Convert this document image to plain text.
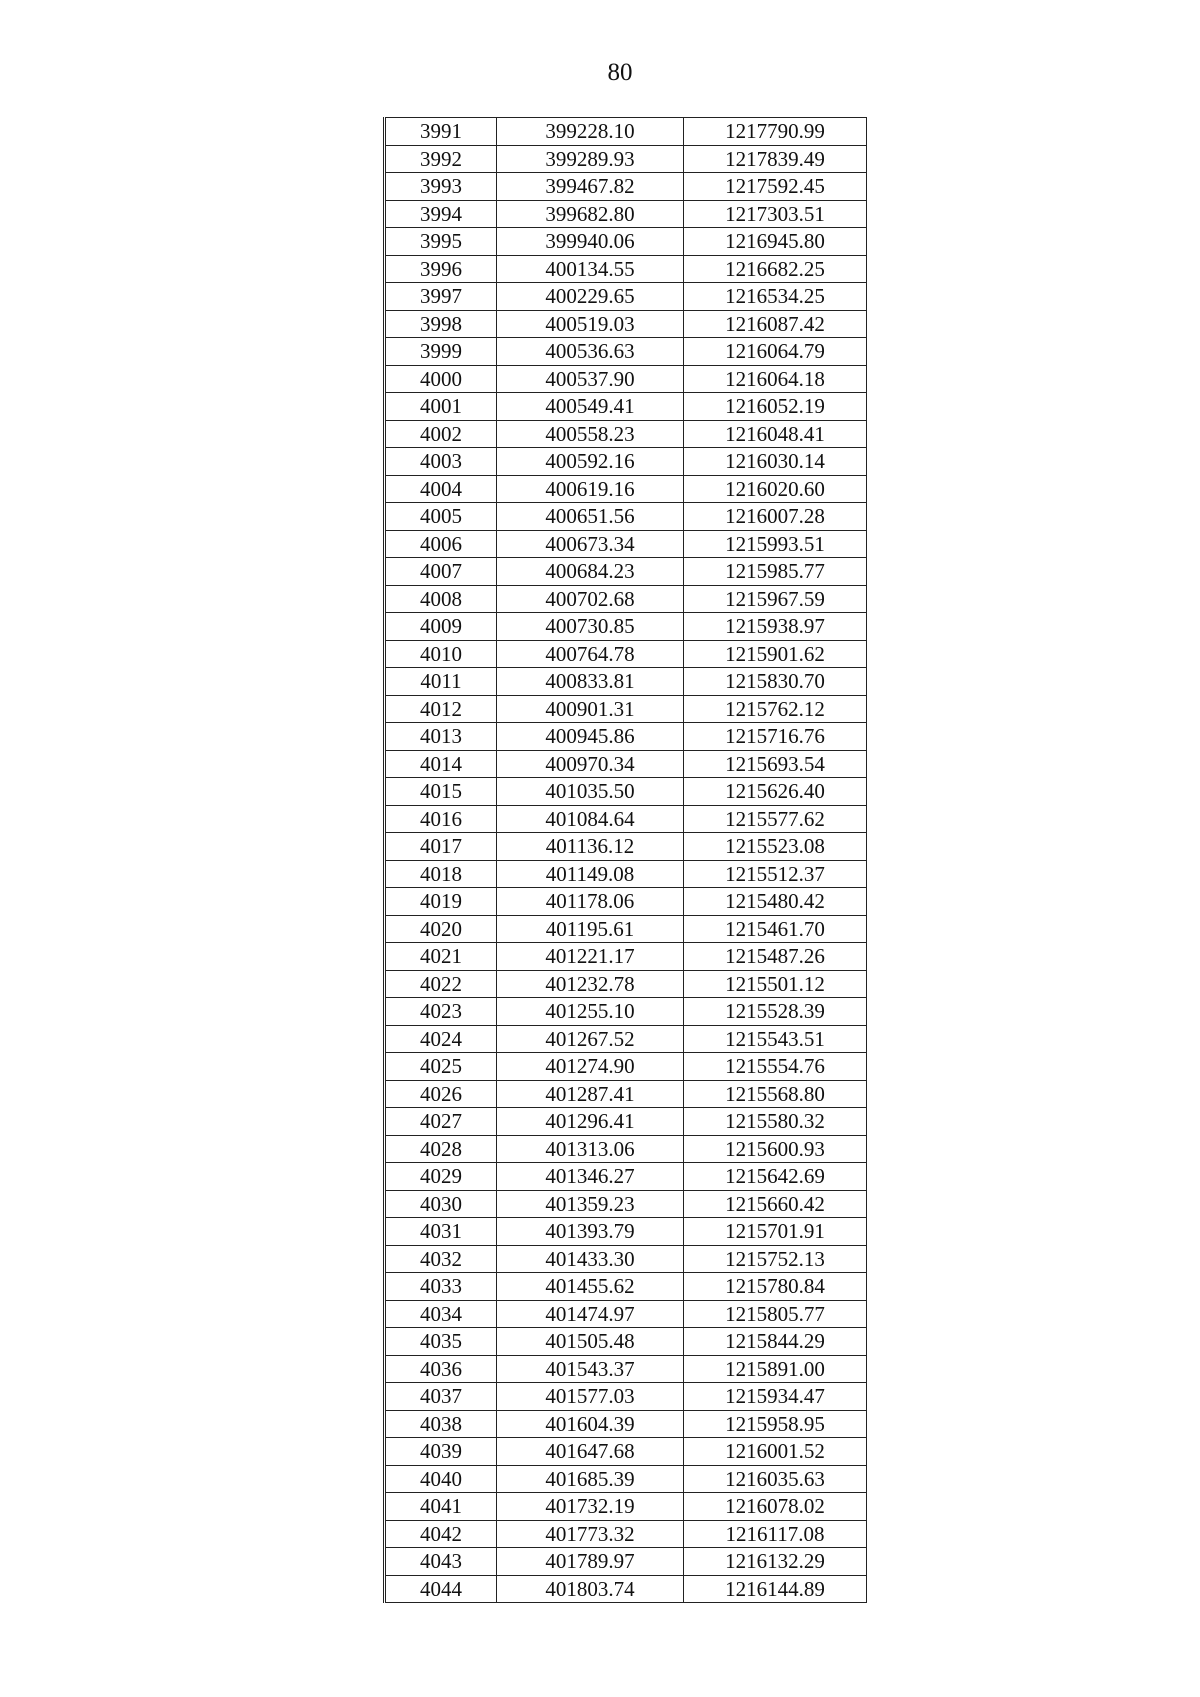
80
3991	399228.10	1217790.99
3992	399289.93	1217839.49
3993	399467.82	1217592.45
3994	399682.80	1217303.51
3995	399940.06	1216945.80
3996	400134.55	1216682.25
3997	400229.65	1216534.25
3998	400519.03	1216087.42
3999	400536.63	1216064.79
4000	400537.90	1216064.18
4001	400549.41	1216052.19
4002	400558.23	1216048.41
4003	400592.16	1216030.14
4004	400619.16	1216020.60
4005	400651.56	1216007.28
4006	400673.34	1215993.51
4007	400684.23	1215985.77
4008	400702.68	1215967.59
4009	400730.85	1215938.97
4010	400764.78	1215901.62
4011	400833.81	1215830.70
4012	400901.31	1215762.12
4013	400945.86	1215716.76
4014	400970.34	1215693.54
4015	401035.50	1215626.40
4016	401084.64	1215577.62
4017	401136.12	1215523.08
4018	401149.08	1215512.37
4019	401178.06	1215480.42
4020	401195.61	1215461.70
4021	401221.17	1215487.26
4022	401232.78	1215501.12
4023	401255.10	1215528.39
4024	401267.52	1215543.51
4025	401274.90	1215554.76
4026	401287.41	1215568.80
4027	401296.41	1215580.32
4028	401313.06	1215600.93
4029	401346.27	1215642.69
4030	401359.23	1215660.42
4031	401393.79	1215701.91
4032	401433.30	1215752.13
4033	401455.62	1215780.84
4034	401474.97	1215805.77
4035	401505.48	1215844.29
4036	401543.37	1215891.00
4037	401577.03	1215934.47
4038	401604.39	1215958.95
4039	401647.68	1216001.52
4040	401685.39	1216035.63
4041	401732.19	1216078.02
4042	401773.32	1216117.08
4043	401789.97	1216132.29
4044	401803.74	1216144.89
